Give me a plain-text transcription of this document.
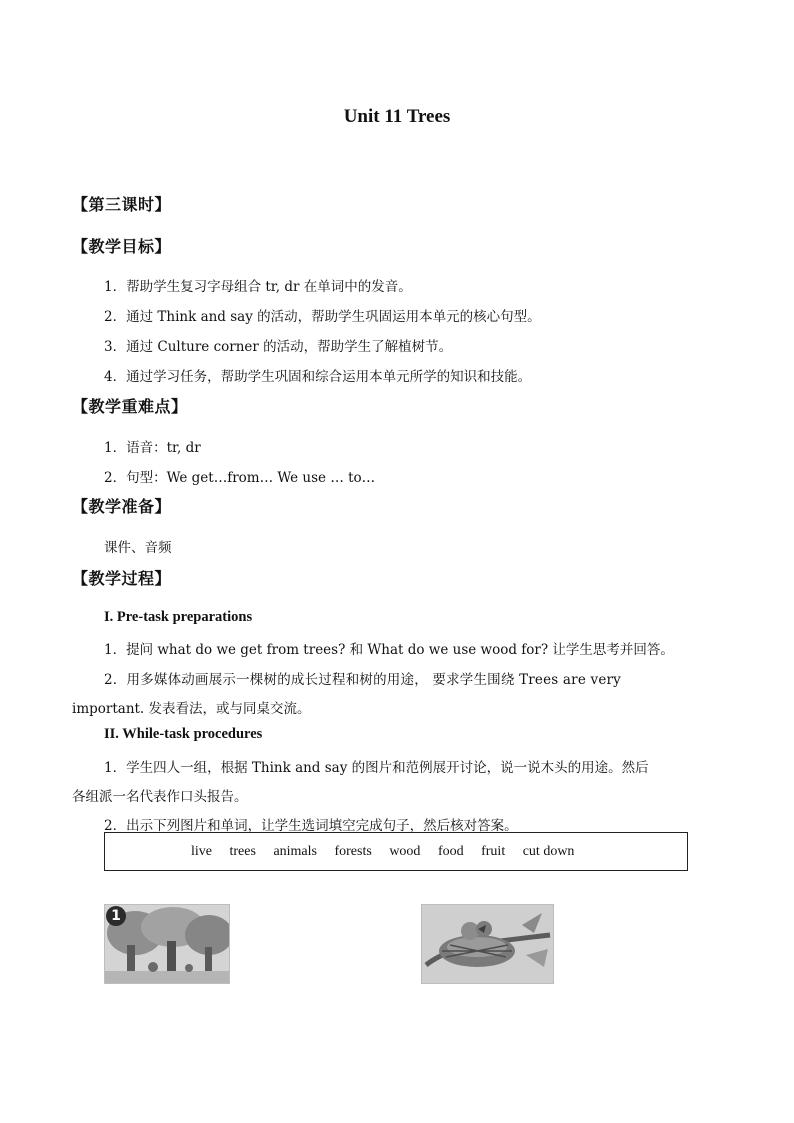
Unit 11 Trees
【第三课时】
【教学目标】
1．帮助学生复习字母组合 tr, dr 在单词中的发音。
2．通过 Think and say 的活动，帮助学生巩固运用本单元的核心句型。
3．通过 Culture corner 的活动，帮助学生了解植树节。
4．通过学习任务，帮助学生巩固和综合运用本单元所学的知识和技能。
【教学重难点】
1．语音：tr, dr
2．句型：We get…from… We use … to…
【教学准备】
课件、音频
【教学过程】
I. Pre-task preparations
1．提问 what do we get from trees? 和 What do we use wood for? 让学生思考并回答。
2．用多媒体动画展示一棵树的成长过程和树的用途， 要求学生围绕 Trees are very
important. 发表看法，或与同桌交流。
II. While-task procedures
1．学生四人一组，根据 Think and say 的图片和范例展开讨论，说一说木头的用途。然后
各组派一名代表作口头报告。
2．出示下列图片和单词，让学生选词填空完成句子，然后核对答案。
live trees animals forests wood food fruit cut down
1
